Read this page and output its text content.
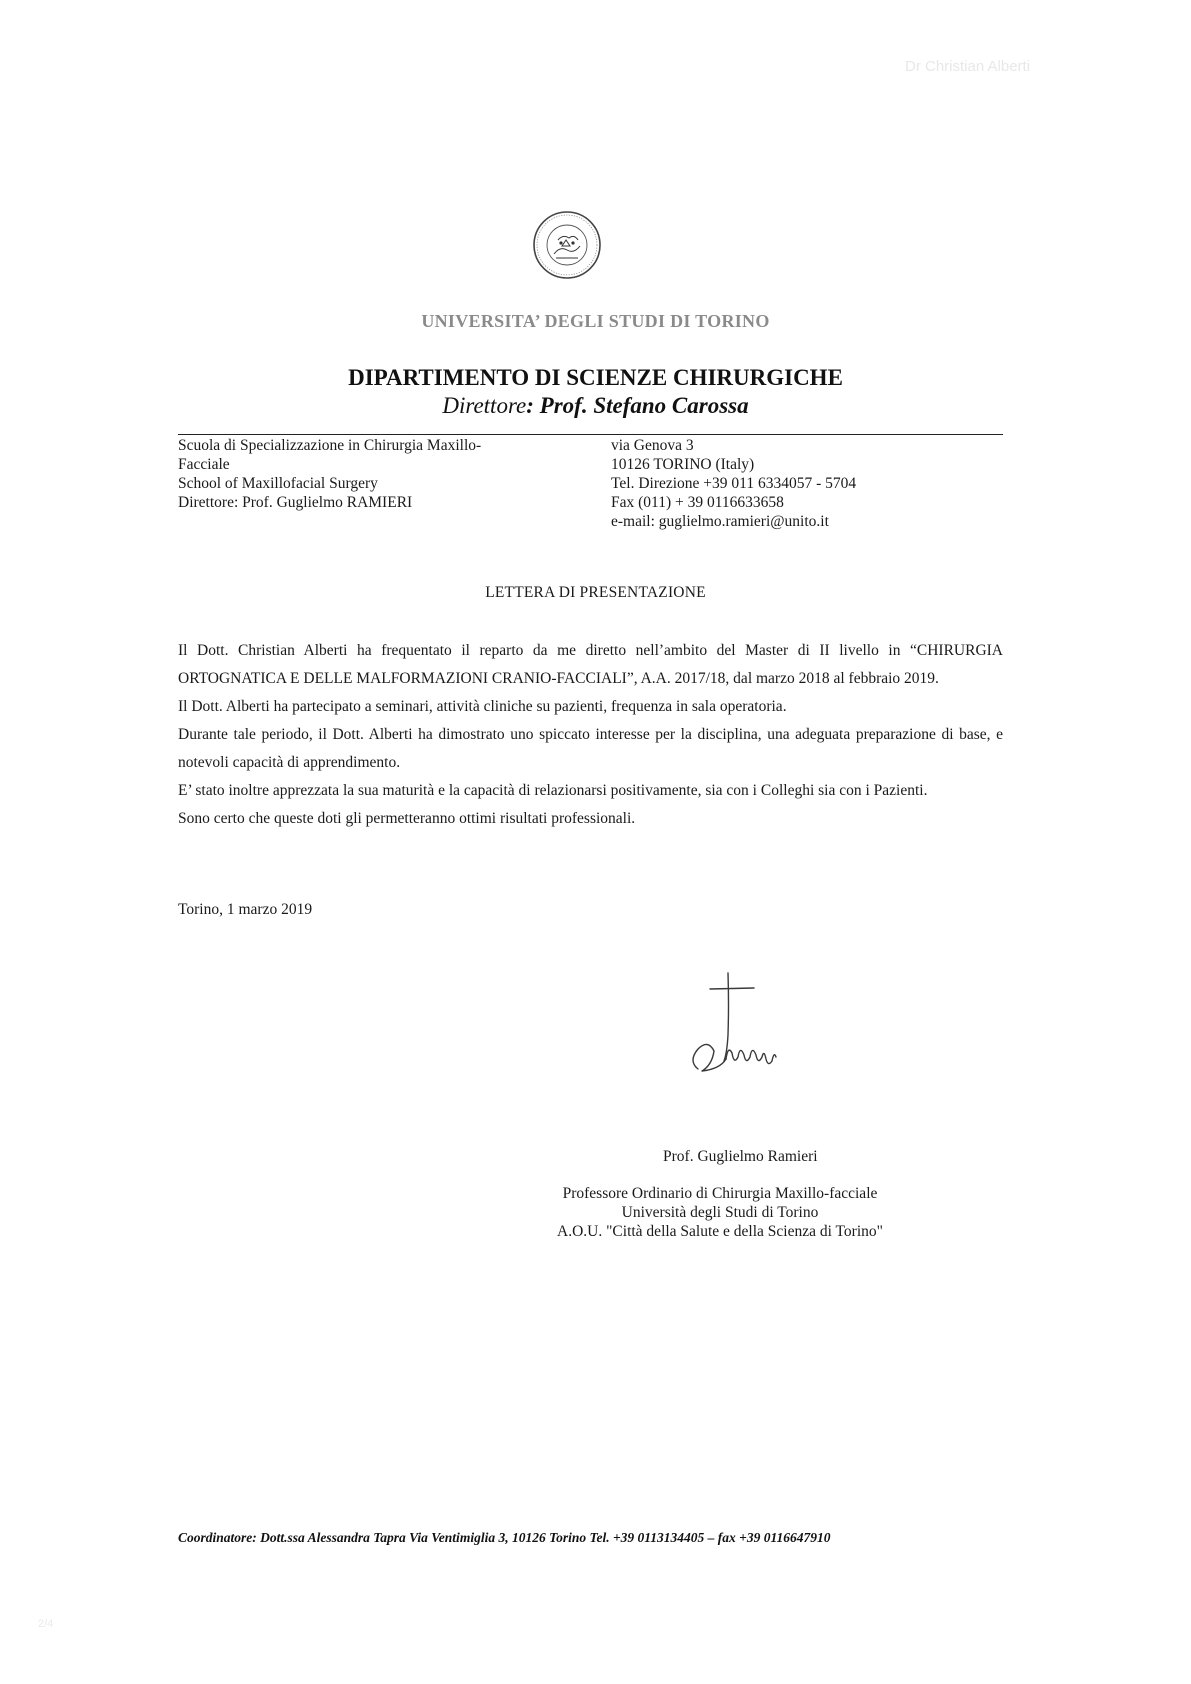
Dr Christian Alberti
UNIVERSITA’ DEGLI STUDI DI TORINO
DIPARTIMENTO DI SCIENZE CHIRURGICHE
Direttore: Prof. Stefano Carossa
Scuola di Specializzazione in Chirurgia Maxillo-
Facciale
School of Maxillofacial Surgery
Direttore: Prof. Guglielmo RAMIERI
via Genova 3
10126 TORINO (Italy)
Tel. Direzione +39 011 6334057 - 5704
Fax (011) + 39 0116633658
e-mail: guglielmo.ramieri@unito.it
LETTERA DI PRESENTAZIONE

Il Dott. Christian Alberti ha frequentato il reparto da me diretto nell’ambito del Master di II livello in “CHIRURGIA ORTOGNATICA E DELLE MALFORMAZIONI CRANIO-FACCIALI”, A.A. 2017/18, dal marzo 2018 al febbraio 2019.

Il Dott. Alberti ha partecipato a seminari, attività cliniche su pazienti, frequenza in sala operatoria.

Durante tale periodo, il Dott. Alberti ha dimostrato uno spiccato interesse per la disciplina, una adeguata preparazione di base, e notevoli capacità di apprendimento.

E’ stato inoltre apprezzata la sua maturità e la capacità di relazionarsi positivamente, sia con i Colleghi sia con i Pazienti.

Sono certo che queste doti gli permetteranno ottimi risultati professionali.

Torino, 1 marzo 2019
Prof. Guglielmo Ramieri
Professore Ordinario di Chirurgia Maxillo-facciale
Università degli Studi di Torino
A.O.U. "Città della Salute e della Scienza di Torino"
Coordinatore: Dott.ssa Alessandra Tapra Via Ventimiglia 3, 10126 Torino Tel. +39 0113134405 – fax +39 0116647910
2/4
